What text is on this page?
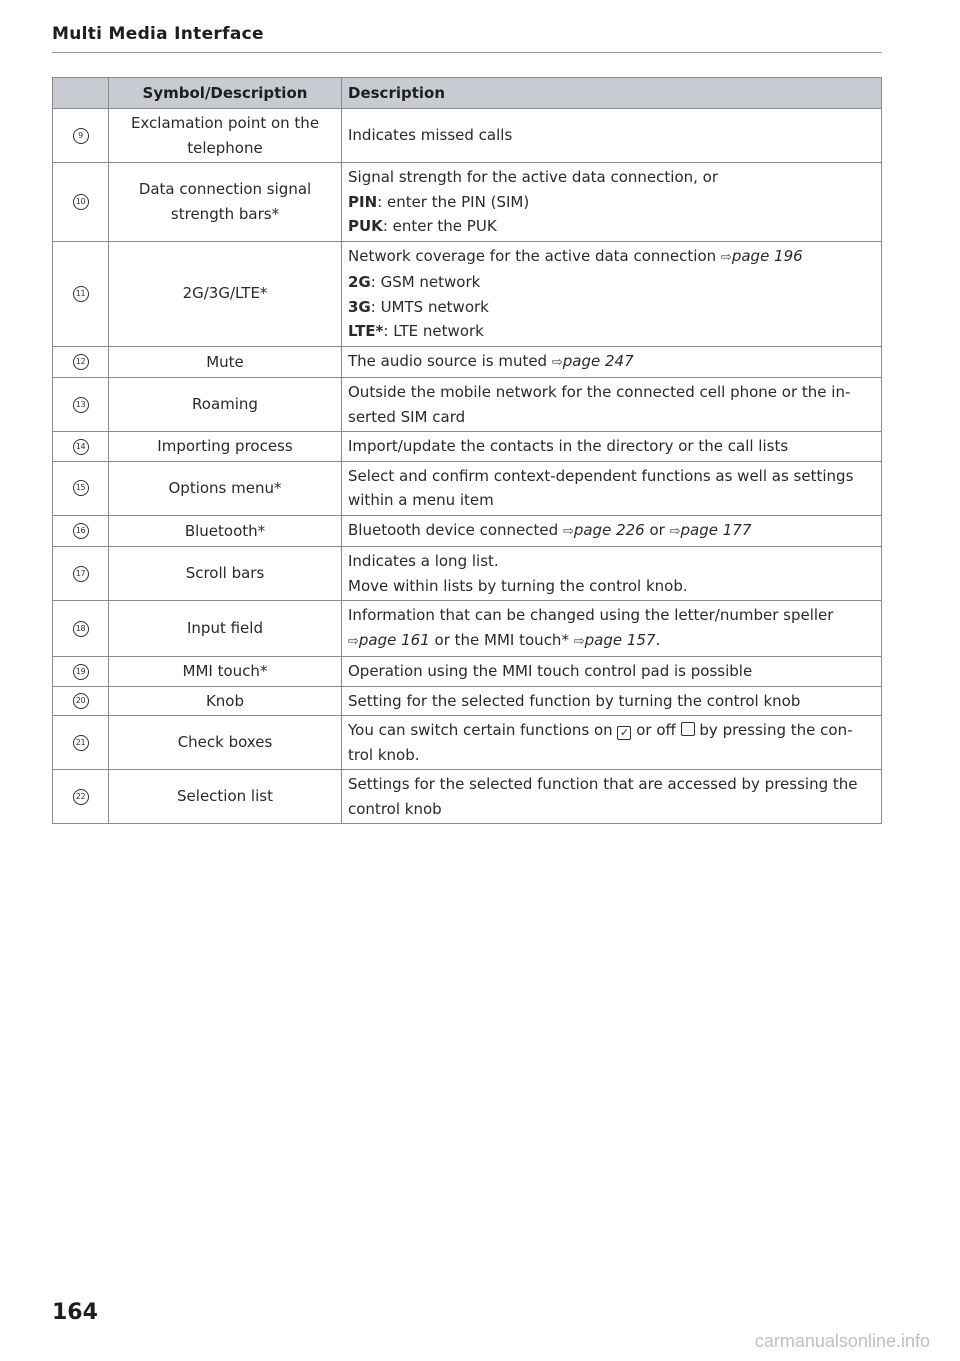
Multi Media Interface
	Symbol/Description	Description
9	Exclamation point on the telephone	Indicates missed calls
10	Data connection signal strength bars*	Signal strength for the active data connection, or
PIN: enter the PIN (SIM)
PUK: enter the PUK

11	2G/3G/LTE*	Network coverage for the active data connection ⇨page 196
2G: GSM network
3G: UMTS network
LTE*: LTE network

12	Mute	The audio source is muted ⇨page 247
13	Roaming	Outside the mobile network for the connected cell phone or the in-serted SIM card
14	Importing process	Import/update the contacts in the directory or the call lists
15	Options menu*	Select and confirm context-dependent functions as well as settings within a menu item
16	Bluetooth*	Bluetooth device connected ⇨page 226 or ⇨page 177
17	Scroll bars	Indicates a long list.
Move within lists by turning the control knob.

18	Input field	Information that can be changed using the letter/number speller ⇨page 161 or the MMI touch* ⇨page 157.
19	MMI touch*	Operation using the MMI touch control pad is possible
20	Knob	Setting for the selected function by turning the control knob
21	Check boxes	You can switch certain functions on ✓ or off  by pressing the con-trol knob.
22	Selection list	Settings for the selected function that are accessed by pressing the control knob
164
carmanualsonline.info
